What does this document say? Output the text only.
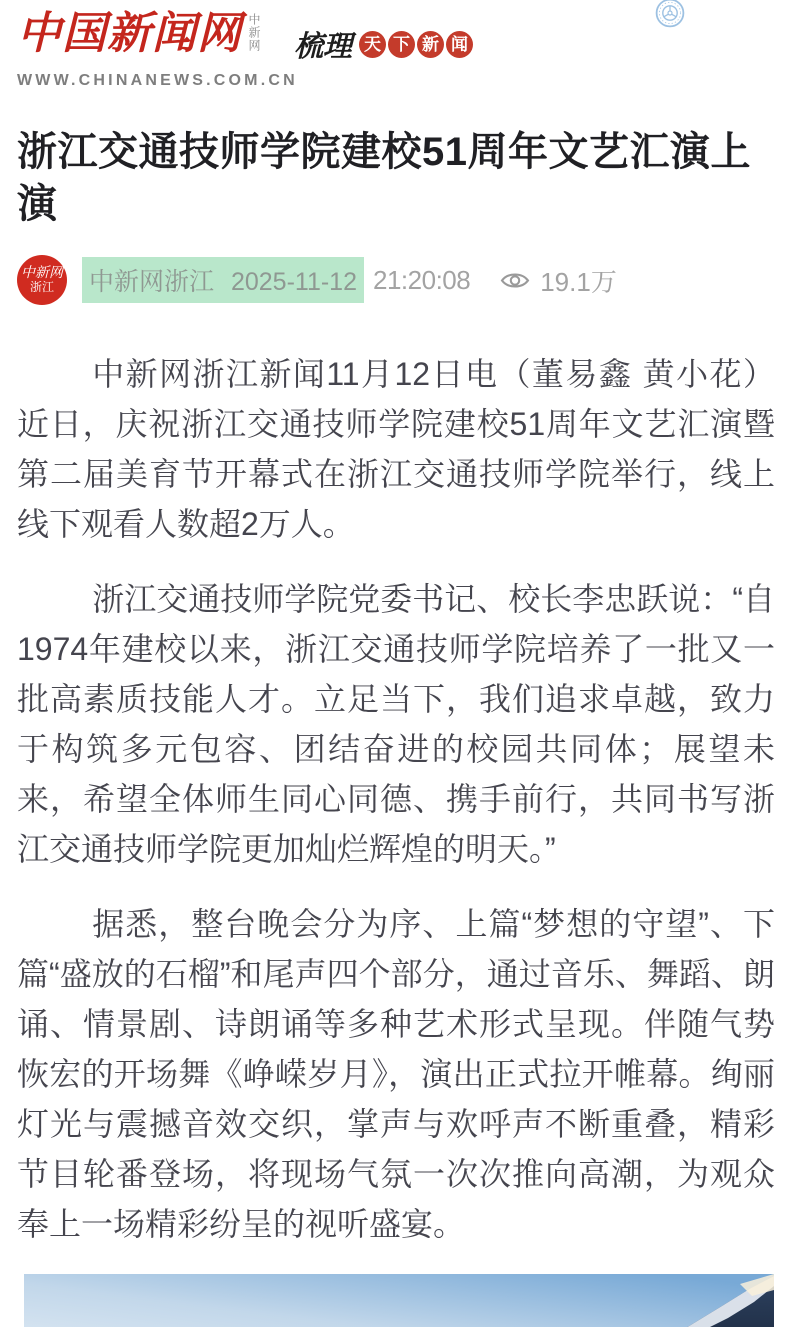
中国新闻网 中新网 梳理 天 下 新 闻
WWW.CHINANEWS.COM.CN
浙江交通技师学院建校51周年文艺汇演上演
中新网
浙江 中新网浙江 2025-11-12 21:20:08	19.1万

中新网浙江新闻11月12日电（董易鑫 黄小花）近日，庆祝浙江交通技师学院建校51周年文艺汇演暨第二届美育节开幕式在浙江交通技师学院举行，线上线下观看人数超2万人。

浙江交通技师学院党委书记、校长李忠跃说：“自1974年建校以来，浙江交通技师学院培养了一批又一批高素质技能人才。立足当下，我们追求卓越，致力于构筑多元包容、团结奋进的校园共同体；展望未来，希望全体师生同心同德、携手前行，共同书写浙江交通技师学院更加灿烂辉煌的明天。”

据悉，整台晚会分为序、上篇“梦想的守望”、下篇“盛放的石榴”和尾声四个部分，通过音乐、舞蹈、朗诵、情景剧、诗朗诵等多种艺术形式呈现。伴随气势恢宏的开场舞《峥嵘岁月》，演出正式拉开帷幕。绚丽灯光与震撼音效交织，掌声与欢呼声不断重叠，精彩节目轮番登场，将现场气氛一次次推向高潮，为观众奉上一场精彩纷呈的视听盛宴。
